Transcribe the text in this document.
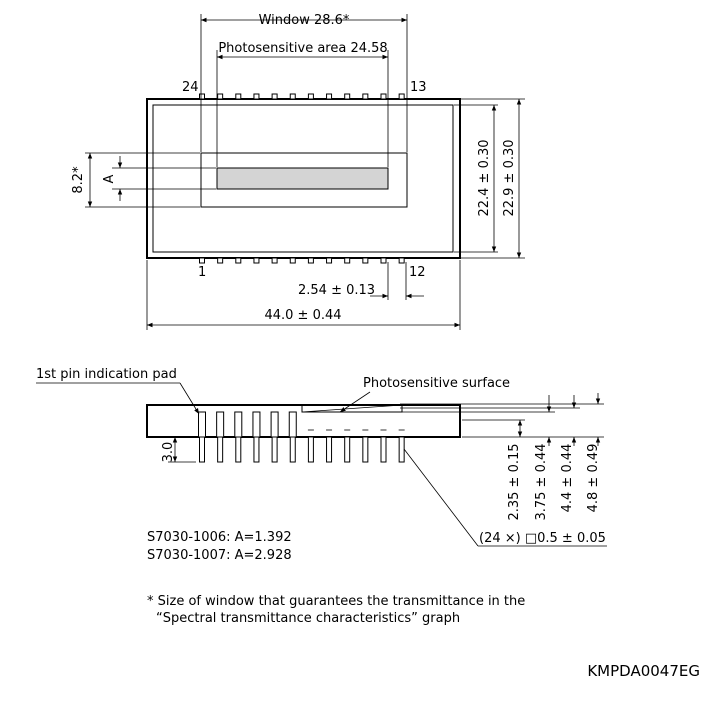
Window 28.6*
Photosensitive area 24.58
24	13
1	12
2.54 ± 0.13
44.0 ± 0.44
22.4 ± 0.30 22.9 ± 0.30
8.2* A
1st pin indication pad
Photosensitive surface
3.0	2.35 ± 0.15 3.75 ± 0.44 4.4 ± 0.44 4.8 ± 0.49
(24 ×) □0.5 ± 0.05
S7030-1006: A=1.392
S7030-1007: A=2.928
* Size of window that guarantees the transmittance in the
“Spectral transmittance characteristics” graph
KMPDA0047EG
